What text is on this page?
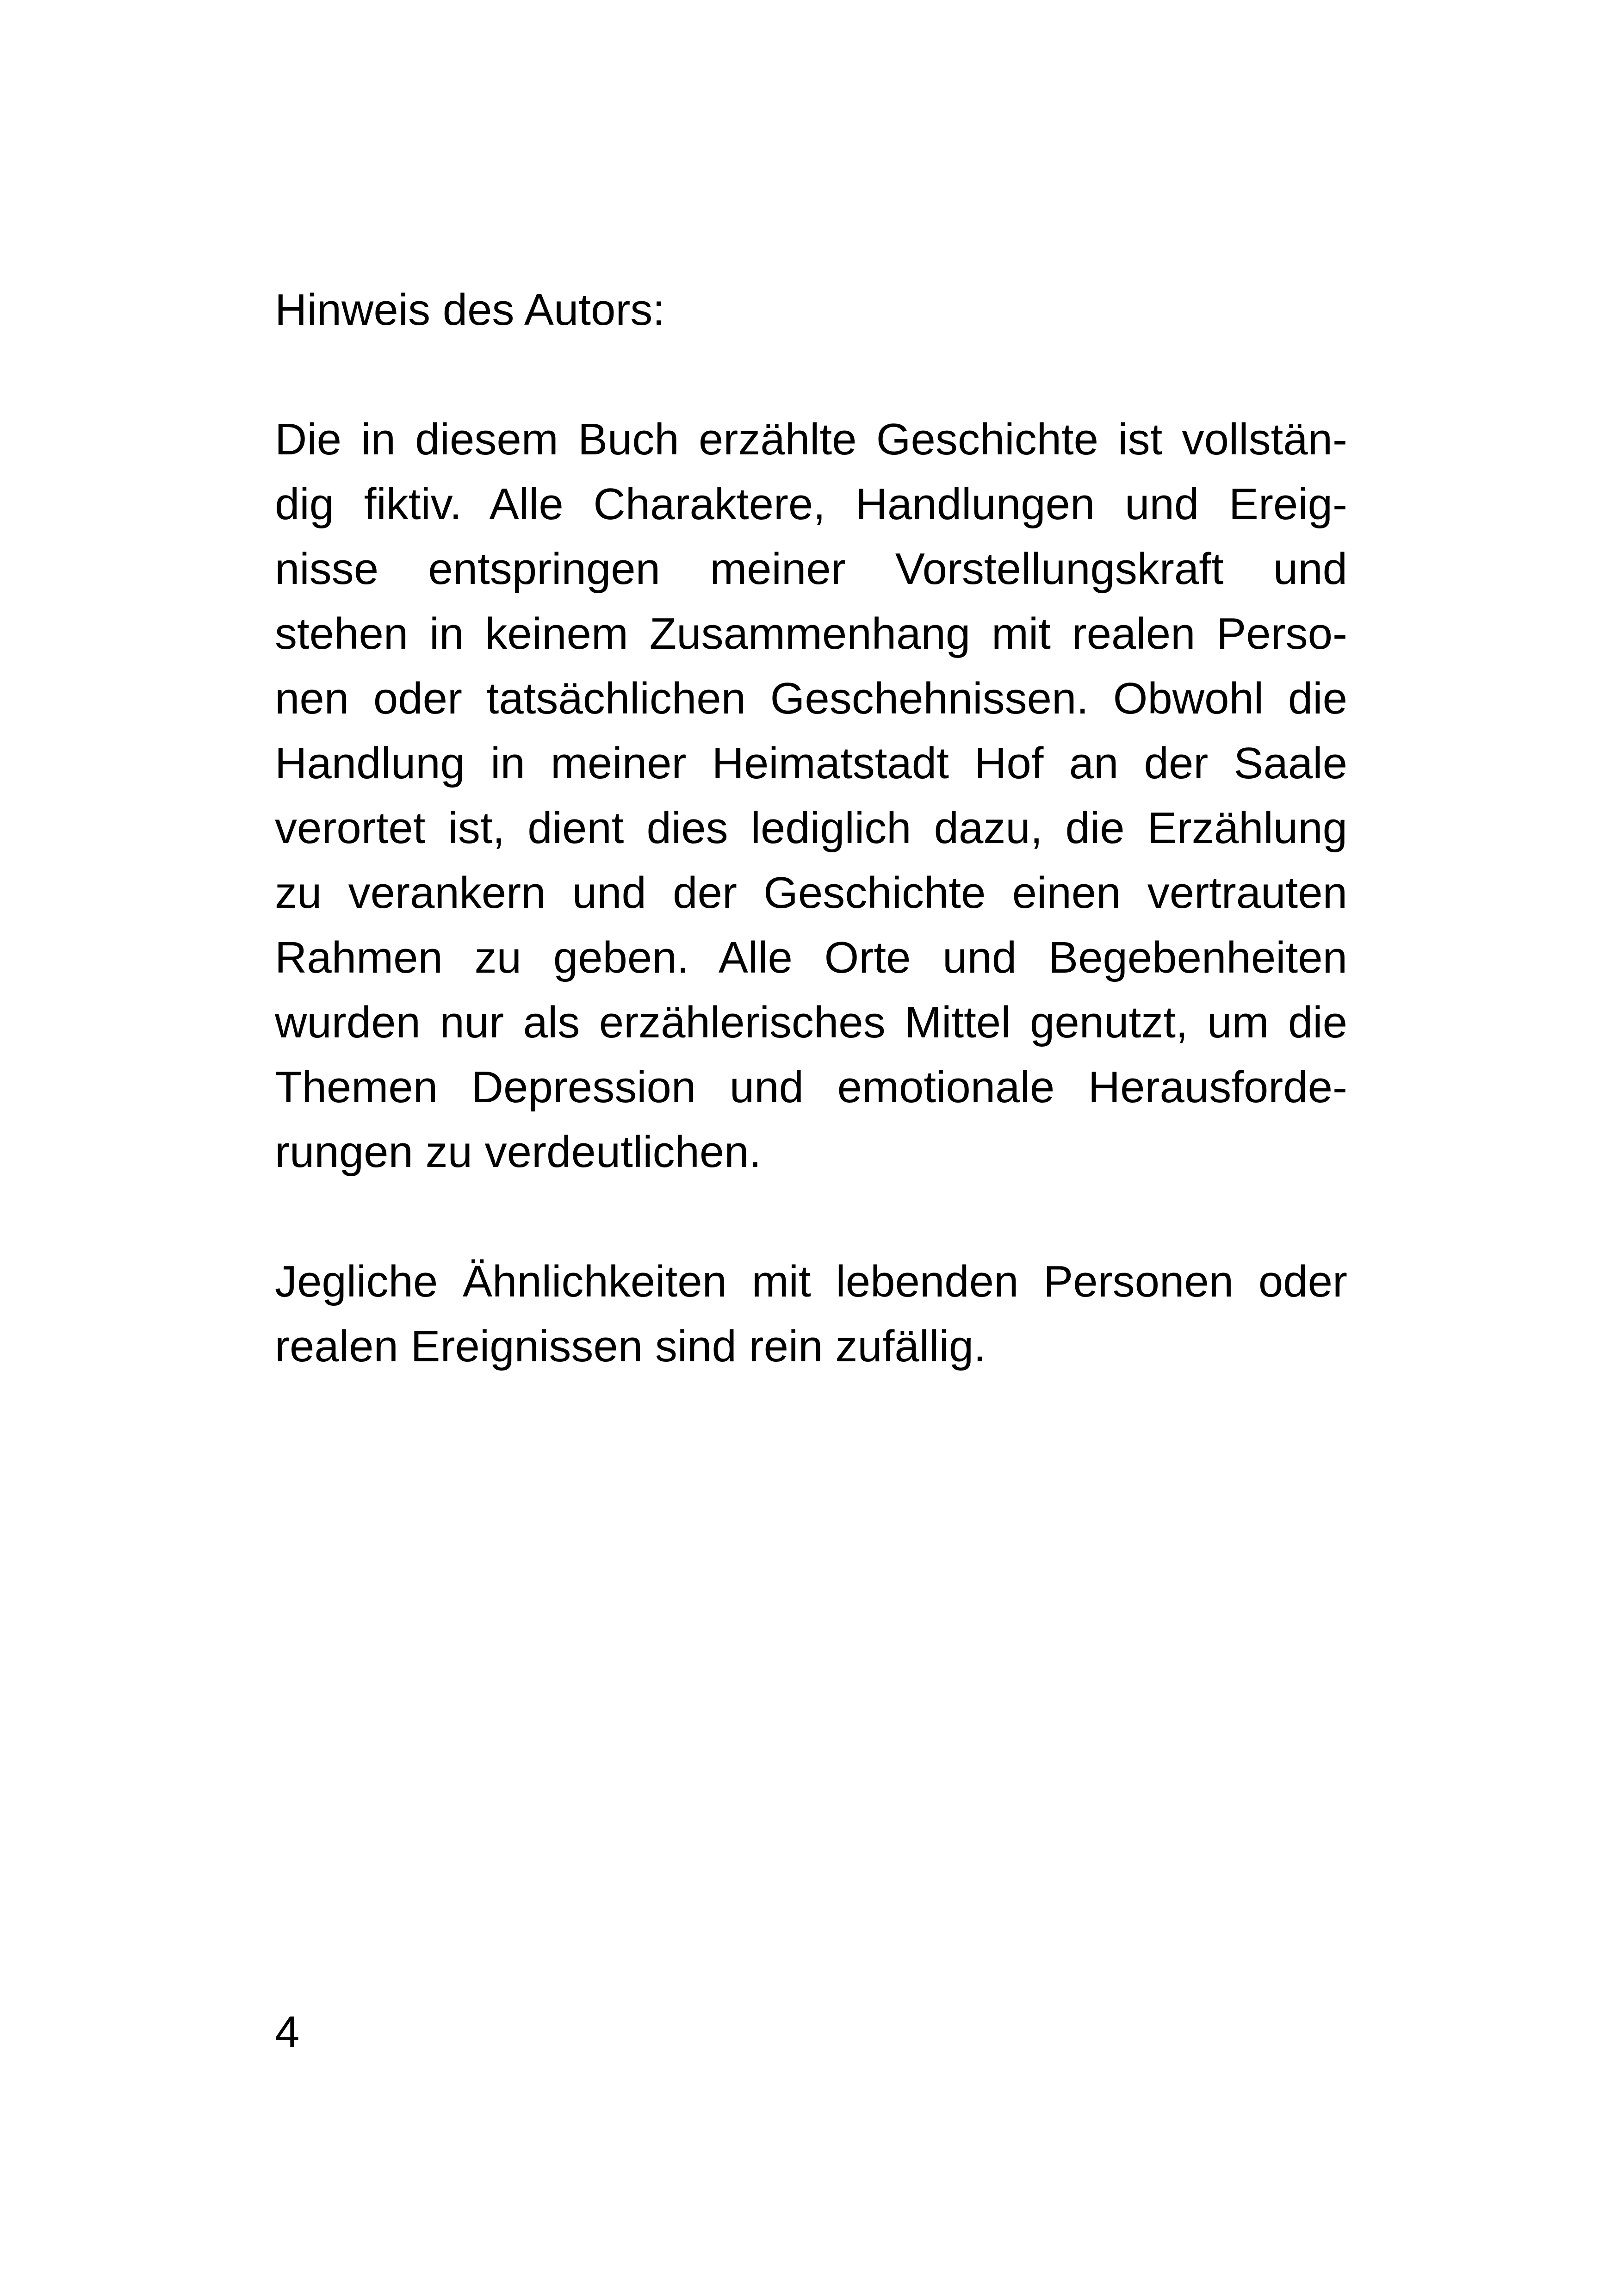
Hinweis des Autors:

Die in diesem Buch erzählte Geschichte ist vollstän-
dig fiktiv. Alle Charaktere, Handlungen und Ereig-
nisse entspringen meiner Vorstellungskraft und
stehen in keinem Zusammenhang mit realen Perso-
nen oder tatsächlichen Geschehnissen. Obwohl die
Handlung in meiner Heimatstadt Hof an der Saale
verortet ist, dient dies lediglich dazu, die Erzählung
zu verankern und der Geschichte einen vertrauten
Rahmen zu geben. Alle Orte und Begebenheiten
wurden nur als erzählerisches Mittel genutzt, um die
Themen Depression und emotionale Herausforde-
rungen zu verdeutlichen.

Jegliche Ähnlichkeiten mit lebenden Personen oder
realen Ereignissen sind rein zufällig.

4
